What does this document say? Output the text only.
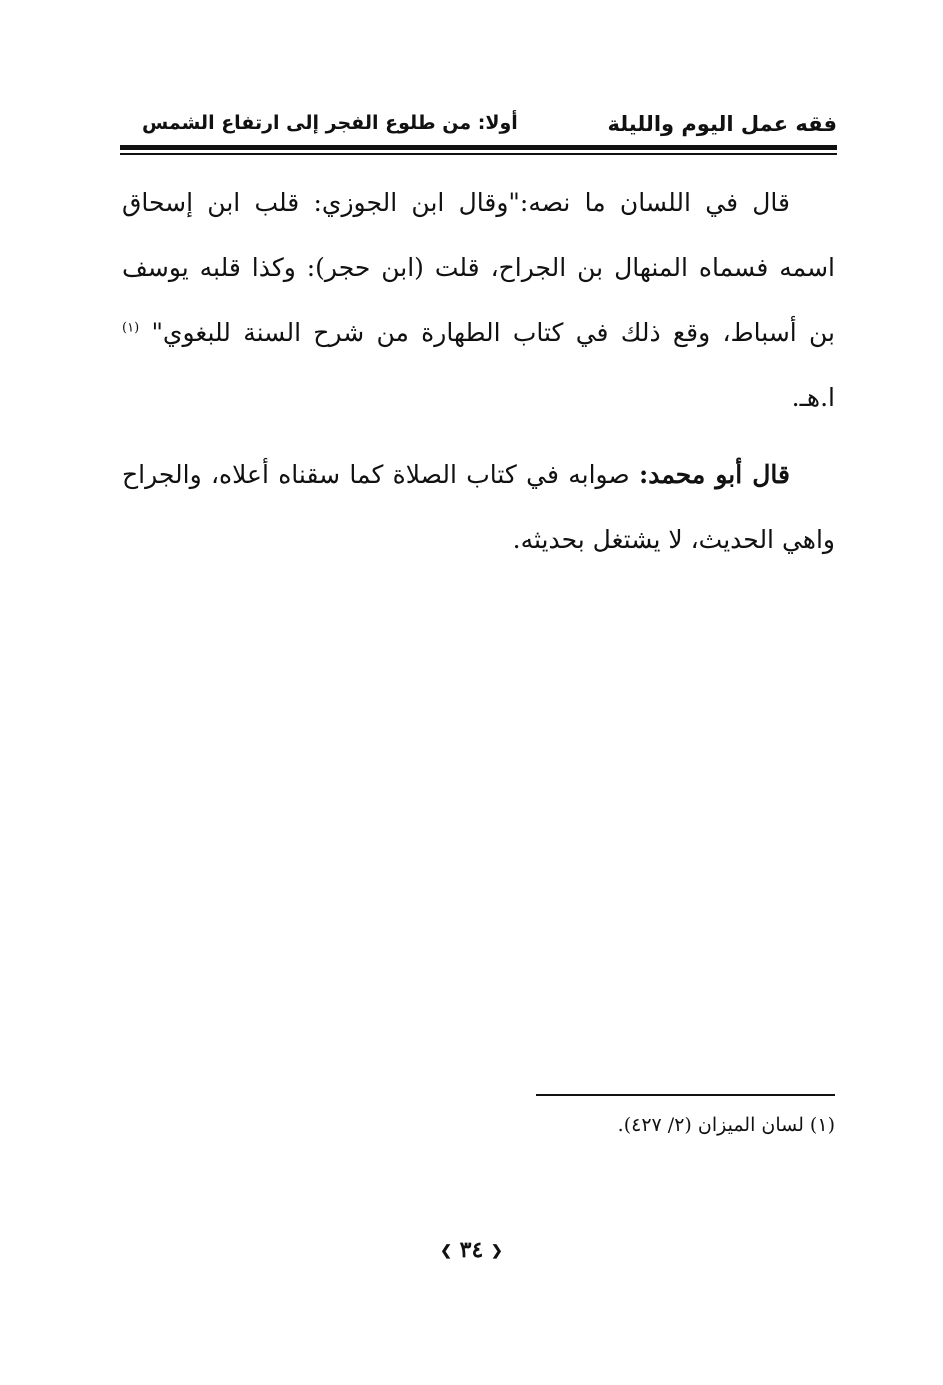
فقه عمل اليوم والليلة
أولا: من طلوع الفجر إلى ارتفاع الشمس

قال في اللسان ما نصه:"وقال ابن الجوزي: قلب ابن إسحاق اسمه فسماه المنهال بن الجراح، قلت (ابن حجر): وكذا قلبه يوسف بن أسباط، وقع ذلك في كتاب الطهارة من شرح السنة للبغوي" $^{(١)}$ ا.هـ.

قال أبو محمد: صوابه في كتاب الصلاة كما سقناه أعلاه، والجراح واهي الحديث، لا يشتغل بحديثه.

(١) لسان الميزان (٢/ ٤٢٧).
❮ ٣٤ ❯
